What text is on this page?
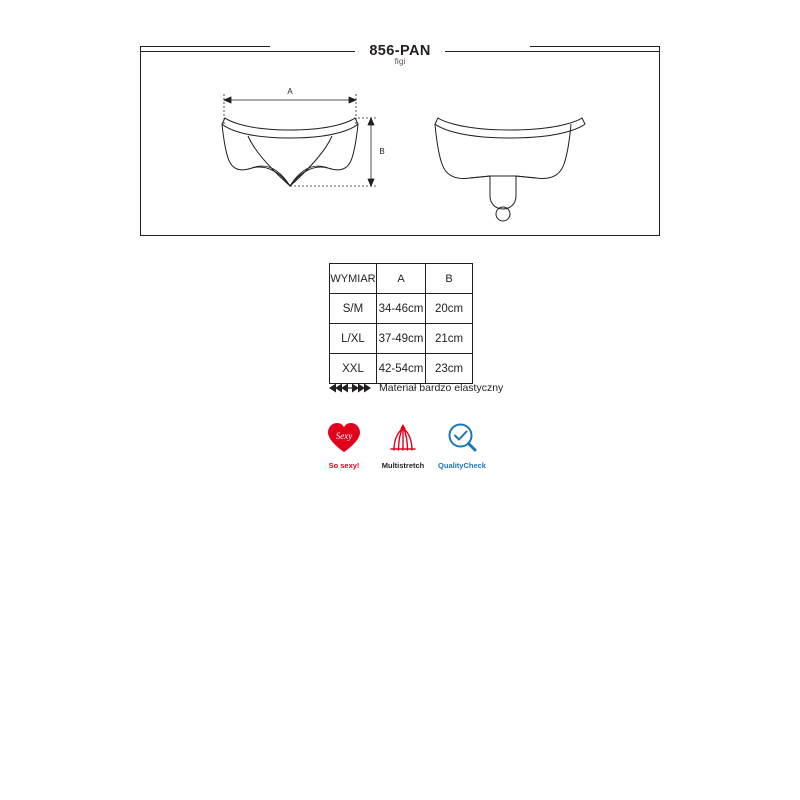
856-PAN
figi
A
B
WYMIAR	A	B
S/M	34-46cm	20cm
L/XL	37-49cm	21cm
XXL	42-54cm	23cm
Materiał bardzo elastyczny
Sexy
So sexy!	Multistretch	QualityCheck
